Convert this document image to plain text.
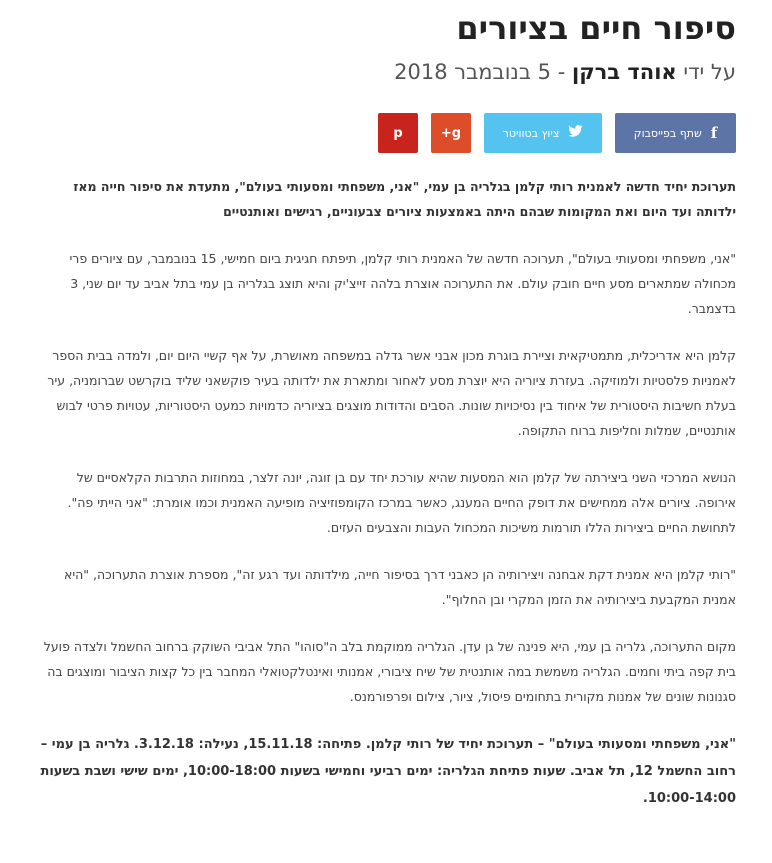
סיפור חיים בציורים
על ידי אוהד ברקן - 5 בנובמבר 2018
f
שתף בפייסבוק
ציוץ בטוויטר
g+
p

תערוכת יחיד חדשה לאמנית רותי קלמן בגלריה בן עמי, "אני, משפחתי ומסעותי בעולם", מתעדת את סיפור חייה מאז ילדותה ועד היום ואת המקומות שבהם היתה באמצעות ציורים צבעוניים, רגישים ואותנטיים

"אני, משפחתי ומסעותי בעולם", תערוכה חדשה של האמנית רותי קלמן, תיפתח חגיגית ביום חמישי, 15 בנובמבר, עם ציורים פרי מכחולה שמתארים מסע חיים חובק עולם. את התערוכה אוצרת בלהה זייצ'יק והיא תוצג בגלריה בן עמי בתל אביב עד יום שני, 3 בדצמבר.

קלמן היא אדריכלית, מתמטיקאית וציירת בוגרת מכון אבני אשר גדלה במשפחה מאושרת, על אף קשיי היום יום, ולמדה בבית הספר לאמניות פלסטיות ולמוזיקה. בעזרת ציוריה היא יוצרת מסע לאחור ומתארת את ילדותה בעיר פוקשאני שליד בוקרשט שברומניה, עיר בעלת חשיבות היסטורית של איחוד בין נסיכויות שונות. הסבים והדודות מוצגים בציוריה כדמויות כמעט היסטוריות, עטויות פרטי לבוש אותנטיים, שמלות וחליפות ברוח התקופה.

הנושא המרכזי השני ביצירתה של קלמן הוא המסעות שהיא עורכת יחד עם בן זוגה, יונה זלצר, במחוזות התרבות הקלאסיים של אירופה. ציורים אלה ממחישים את דופק החיים המענג, כאשר במרכז הקומפוזיציה מופיעה האמנית וכמו אומרת: "אני הייתי פה". לתחושת החיים ביצירות הללו תורמות משיכות המכחול העבות והצבעים העזים.

"רותי קלמן היא אמנית דקת אבחנה ויצירותיה הן כאבני דרך בסיפור חייה, מילדותה ועד רגע זה", מספרת אוצרת התערוכה, "היא אמנית המקבעת ביצירותיה את הזמן המקרי ובן החלוף".

מקום התערוכה, גלריה בן עמי, היא פנינה של גן עדן. הגלריה ממוקמת בלב ה"סוהו" התל אביבי השוקק ברחוב החשמל ולצדה פועל בית קפה ביתי וחמים. הגלריה משמשת במה אותנטית של שיח ציבורי, אמנותי ואינטלקטואלי המחבר בין כל קצות הציבור ומוצגים בה סגנונות שונים של אמנות מקורית בתחומים פיסול, ציור, צילום ופרפורמנס.

"אני, משפחתי ומסעותי בעולם" – תערוכת יחיד של רותי קלמן. פתיחה: 15.11.18, נעילה: 3.12.18. גלריה בן עמי – רחוב החשמל 12, תל אביב. שעות פתיחת הגלריה: ימים רביעי וחמישי בשעות 10:00-18:00, ימים שישי ושבת בשעות 10:00-14:00.
